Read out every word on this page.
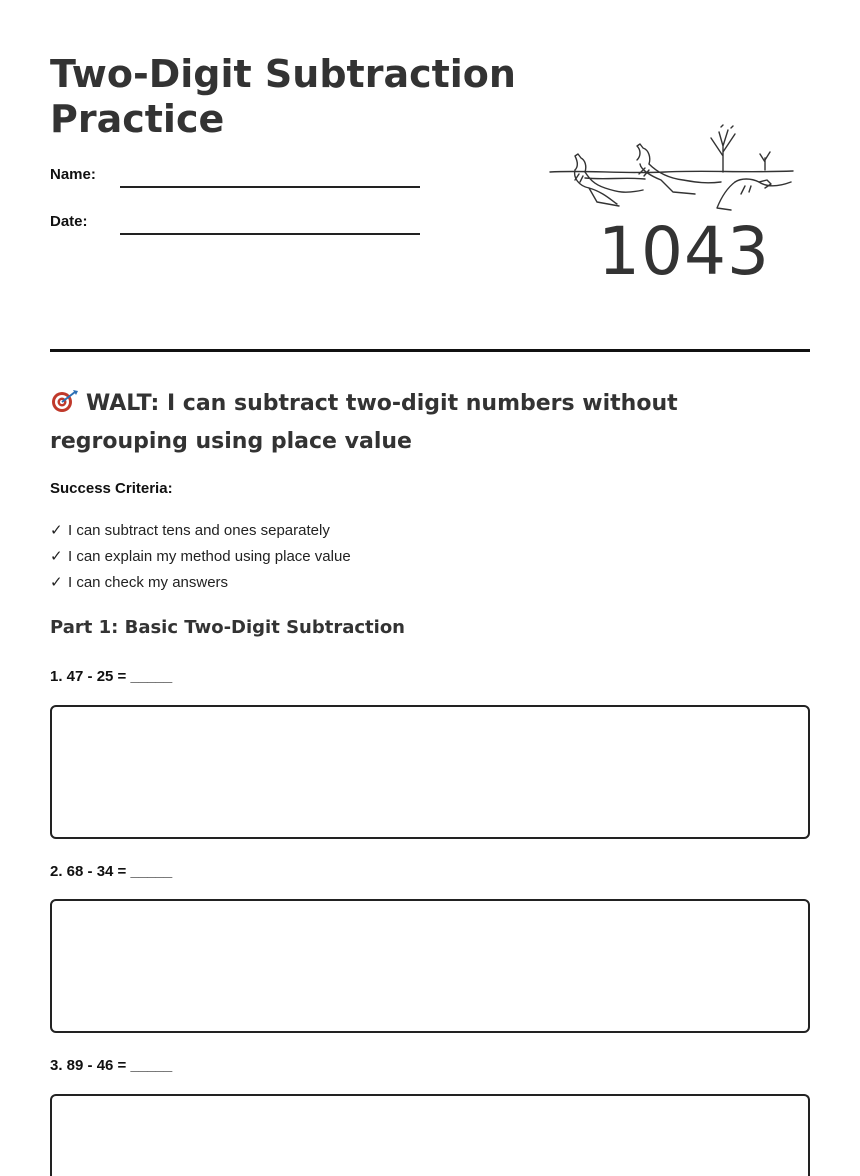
Two-Digit Subtraction Practice
Name:
Date:	1043
WALT: I can subtract two-digit numbers without regrouping using place value
Success Criteria:
✓ I can subtract tens and ones separately
✓ I can explain my method using place value
✓ I can check my answers
Part 1: Basic Two-Digit Subtraction
1. 47 - 25 = _____
2. 68 - 34 = _____
3. 89 - 46 = _____
